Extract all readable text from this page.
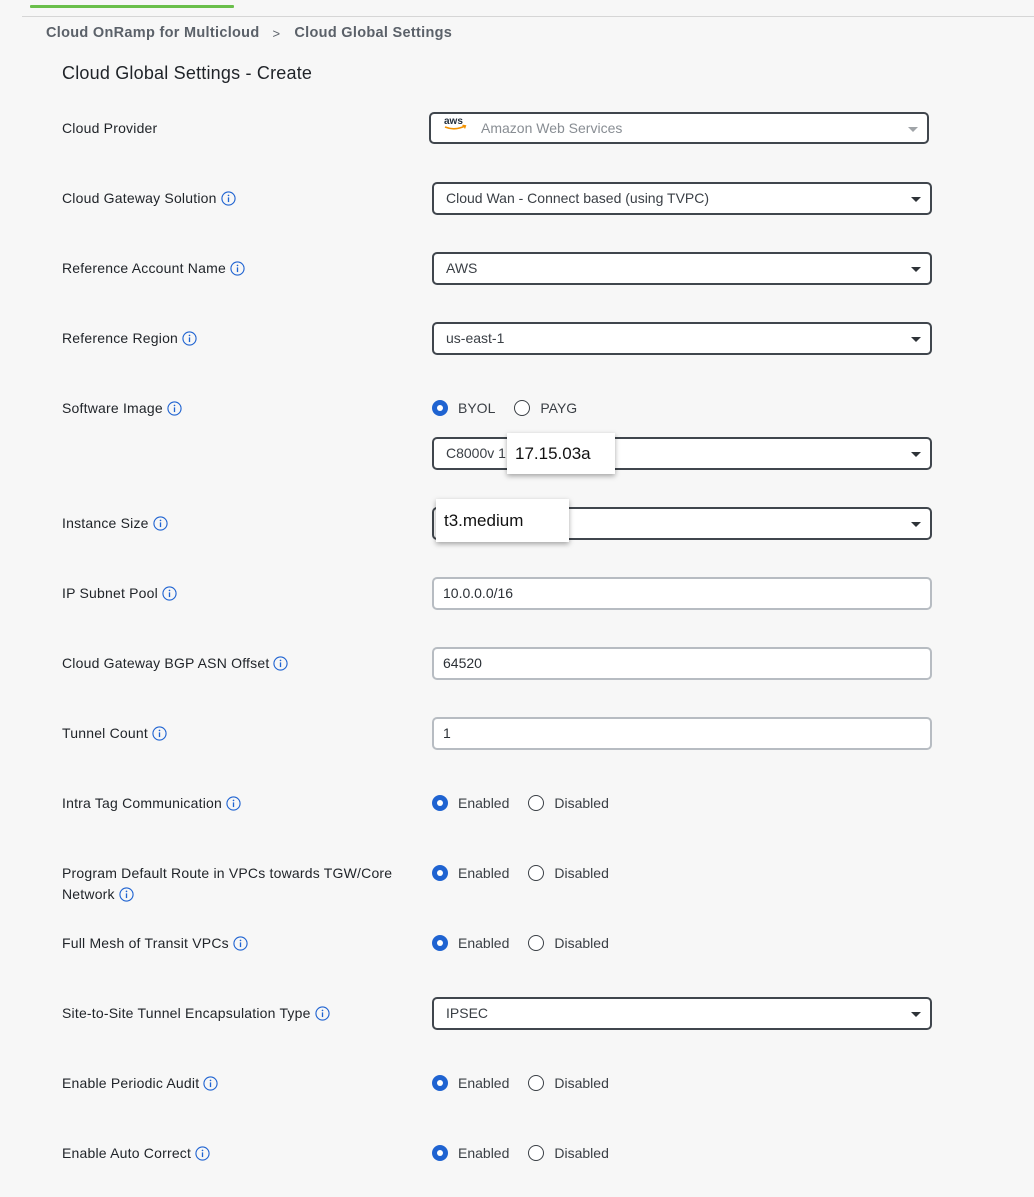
Cloud OnRamp for Multicloud > Cloud Global Settings
Cloud Global Settings - Create
Cloud Provider	aws Amazon Web Services
Cloud Gateway Solution	Cloud Wan - Connect based (using TVPC)
Reference Account Name	AWS
Reference Region	us-east-1
Software Image	BYOL	PAYG
C8000v 1 17.15.03a
Instance Size	t3.medium
IP Subnet Pool	10.0.0.0/16
Cloud Gateway BGP ASN Offset	64520
Tunnel Count	1
Intra Tag Communication	Enabled	Disabled
Program Default Route in VPCs towards TGW/Core
Network
Enabled	Disabled
Full Mesh of Transit VPCs	Enabled	Disabled
Site-to-Site Tunnel Encapsulation Type	IPSEC
Enable Periodic Audit	Enabled	Disabled
Enable Auto Correct	Enabled	Disabled
